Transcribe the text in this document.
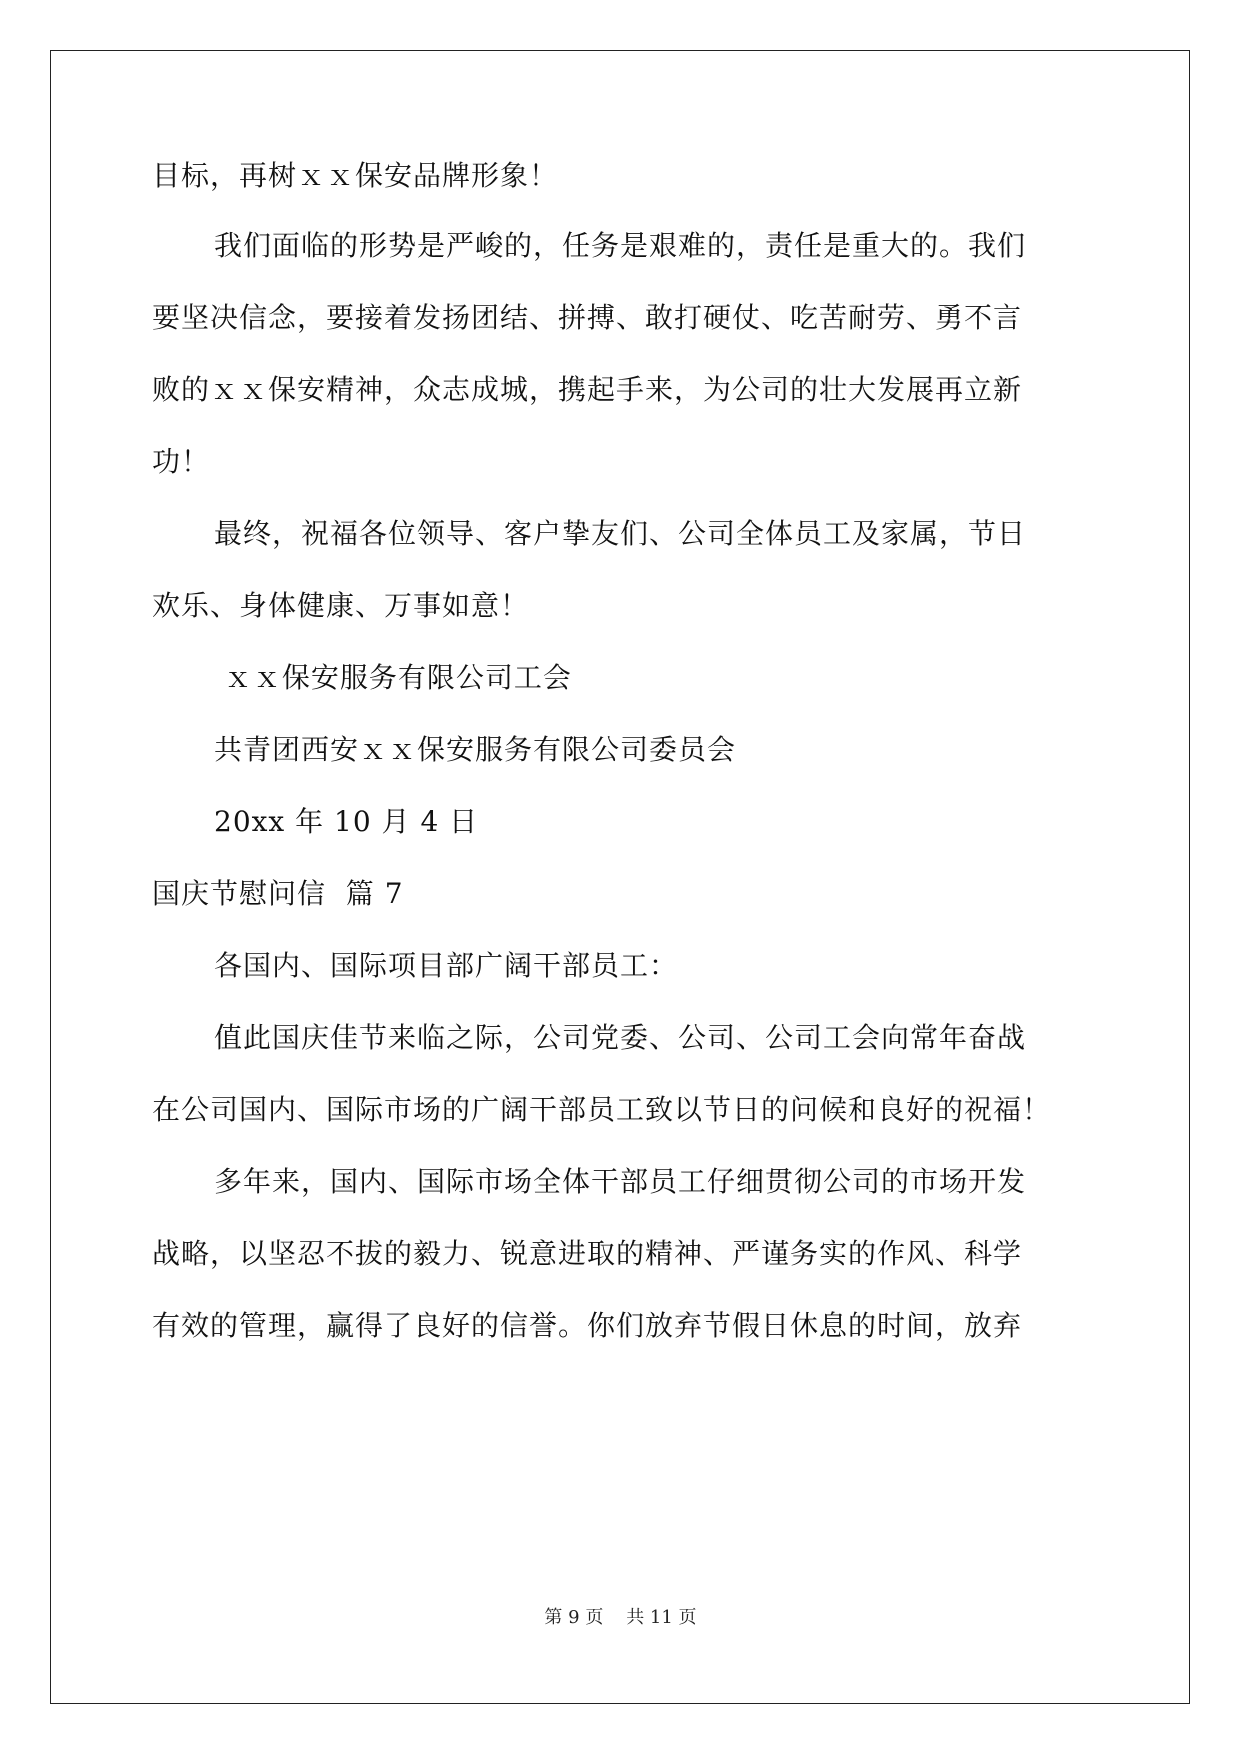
目标，再树ｘｘ保安品牌形象！
我们面临的形势是严峻的，任务是艰难的，责任是重大的。我们
要坚决信念，要接着发扬团结、拼搏、敢打硬仗、吃苦耐劳、勇不言
败的ｘｘ保安精神，众志成城，携起手来，为公司的壮大发展再立新
功！
最终，祝福各位领导、客户挚友们、公司全体员工及家属，节日
欢乐、身体健康、万事如意！
ｘｘ保安服务有限公司工会
共青团西安ｘｘ保安服务有限公司委员会
20xx 年 10 月 4 日
国庆节慰问信  篇 7
各国内、国际项目部广阔干部员工：
值此国庆佳节来临之际，公司党委、公司、公司工会向常年奋战
在公司国内、国际市场的广阔干部员工致以节日的问候和良好的祝福！
多年来，国内、国际市场全体干部员工仔细贯彻公司的市场开发
战略，以坚忍不拔的毅力、锐意进取的精神、严谨务实的作风、科学
有效的管理，赢得了良好的信誉。你们放弃节假日休息的时间，放弃
第 9 页    共 11 页
